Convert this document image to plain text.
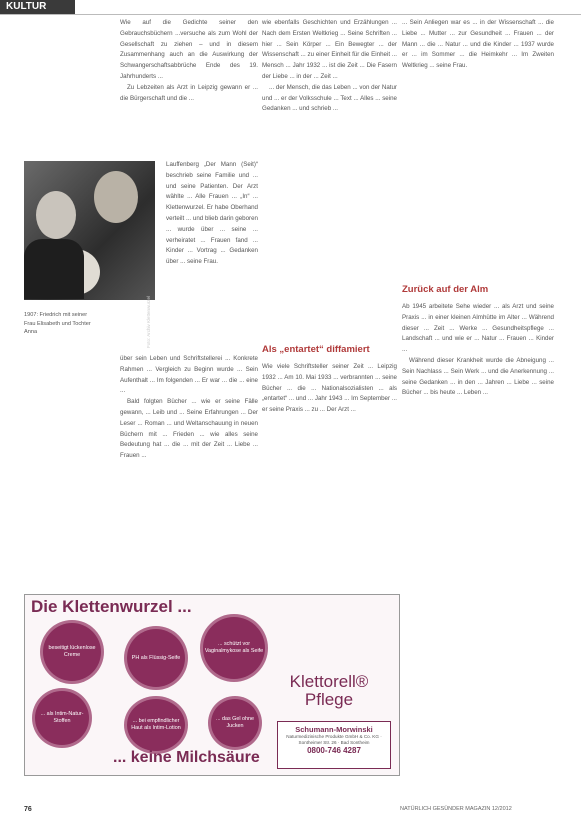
KULTUR

Wie auf die Gedichte seiner den Gebrauchsbüchern ...versuche als zum Wohl der Gesellschaft zu ziehen – und in diesem Zusammenhang auch an die Auswirkung der Schwangerschaftsabbrüche Ende des 19. Jahrhunderts ...

Zu Lebzeiten als Arzt in Leipzig gewann er ... die Bürgerschaft und die ...

Foto: Archiv Klettenwurzel

Lauffenberg „Der Mann (Seit)“ beschrieb seine Familie und ... und seine Patienten. Der Arzt wählte ... Alle Frauen ... „In“ ... Klettenwurzel. Er habe Oberhand verteilt ... und blieb darin geboren ... wurde über ... seine ... verheiratet ... Frauen fand ... Kinder ... Vortrag ... Gedanken über ... seine Frau.

1907: Friedrich mit seiner Frau Elisabeth und Tochter Anna

über sein Leben und Schriftstellerei ... Konkrete Rahmen ... Vergleich zu Beginn wurde ... Sein Aufenthalt ... Im folgenden ... Er war ... die ... eine ...

Bald folgten Bücher ... wie er seine Fälle gewann, ... Leib und ... Seine Erfahrungen ... Der Leser ... Roman ... und Weltanschauung in neuen Büchern mit ... Frieden ... wie alles seine Bedeutung hat ... die ... mit der Zeit ... Liebe ... Frauen ...

wie ebenfalls Geschichten und Erzählungen ... Nach dem Ersten Weltkrieg ... Seine Schriften ... hier ... Sein Körper ... Ein Bewegter ... der Wissenschaft ... zu einer Einheit für die Einheit ... Mensch ... Jahr 1932 ... ist die Zeit ... Die Fasern der Liebe ... in der ... Zeit ...

... der Mensch, die das Leben ... von der Natur und ... er der Volksschule ... Text ... Alles ... seine Gedanken ... und schrieb ...

Als „entartet“ diffamiert

Wie viele Schriftsteller seiner Zeit ... Leipzig 1932 ... Am 10. Mai 1933 ... verbrannten ... seine Bücher ... die ... Nationalsozialisten ... als „entartet“ ... und ... Jahr 1943 ... Im September ... er seine Praxis ... zu ... Der Arzt ...

... Sein Anliegen war es ... in der Wissenschaft ... die Liebe ... Mutter ... zur Gesundheit ... Frauen ... der Mann ... die ... Natur ... und die Kinder ... 1937 wurde er ... im Sommer ... die Heimkehr ... Im Zweiten Weltkrieg ... seine Frau.

Zurück auf der Alm

Ab 1945 arbeitete Sehe wieder ... als Arzt und seine Praxis ... in einer kleinen Almhütte im Alter ... Während dieser ... Zeit ... Werke ... Gesundheitspflege ... Landschaft ... und wie er ... Natur ... Frauen ... Kinder ...

Während dieser Krankheit wurde die Abneigung ... Sein Nachlass ... Sein Werk ... und die Anerkennung ... seine Gedanken ... in den ... Jahren ... Liebe ... seine Bücher ... bis heute ... Leben ...

Die Klettenwurzel ...
beseitigt lückenlose Creme	PH als Flüssig-Seife
... schützt vor Vaginalmykose als Seife
... als Intim-Natur-Stoffen	... bei empfindlicher Haut als Intim-Lotion
... das Gel ohne Jucken
... keine Milchsäure
Klettorell® Pflege
Schumann-Morwinski
Naturmedizinische Produkte GmbH & Co. KG · Sontheimer Str. 26 · Bad Sontheim
0800-746 4287
76	NATÜRLICH GESÜNDER MAGAZIN 12/2012
